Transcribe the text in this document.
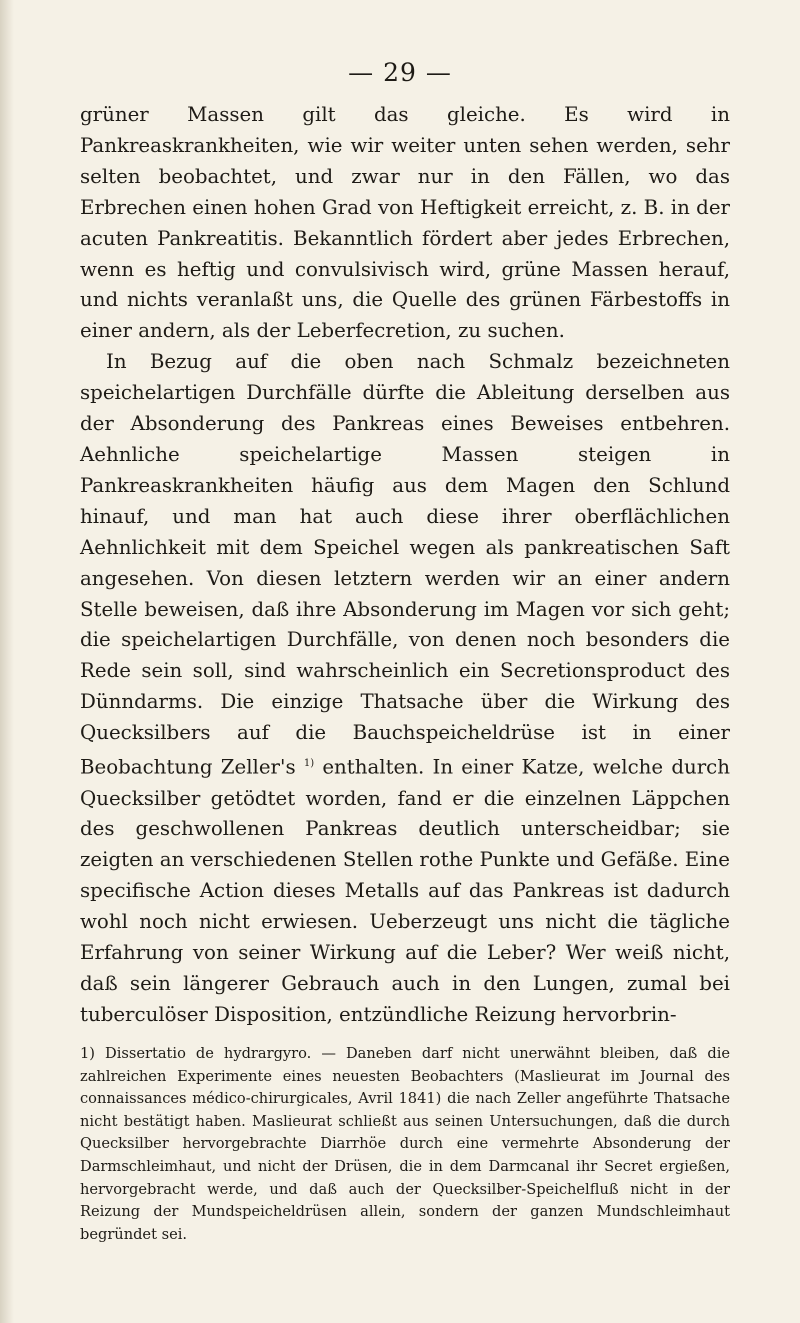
— 29 —

grüner Massen gilt das gleiche. Es wird in Pankreaskrankheiten, wie wir weiter unten sehen werden, sehr selten beobachtet, und zwar nur in den Fällen, wo das Erbrechen einen hohen Grad von Heftigkeit erreicht, z. B. in der acuten Pankreatitis. Bekanntlich fördert aber jedes Erbrechen, wenn es heftig und convulsivisch wird, grüne Massen herauf, und nichts veranlaßt uns, die Quelle des grünen Färbestoffs in einer andern, als der Leberfecretion, zu suchen.

In Bezug auf die oben nach Schmalz bezeichneten speichelartigen Durchfälle dürfte die Ableitung derselben aus der Absonderung des Pankreas eines Beweises entbehren. Aehnliche speichelartige Massen steigen in Pankreaskrankheiten häufig aus dem Magen den Schlund hinauf, und man hat auch diese ihrer oberflächlichen Aehnlichkeit mit dem Speichel wegen als pankreatischen Saft angesehen. Von diesen letztern werden wir an einer andern Stelle beweisen, daß ihre Absonderung im Magen vor sich geht; die speichelartigen Durchfälle, von denen noch besonders die Rede sein soll, sind wahrscheinlich ein Secretionsproduct des Dünndarms. Die einzige Thatsache über die Wirkung des Quecksilbers auf die Bauchspeicheldrüse ist in einer Beobachtung Zeller's $^{1)}$ enthalten. In einer Katze, welche durch Quecksilber getödtet worden, fand er die einzelnen Läppchen des geschwollenen Pankreas deutlich unterscheidbar; sie zeigten an verschiedenen Stellen rothe Punkte und Gefäße. Eine specifische Action dieses Metalls auf das Pankreas ist dadurch wohl noch nicht erwiesen. Ueberzeugt uns nicht die tägliche Erfahrung von seiner Wirkung auf die Leber? Wer weiß nicht, daß sein längerer Gebrauch auch in den Lungen, zumal bei tuberculöser Disposition, entzündliche Reizung hervorbrin-

1) Dissertatio de hydrargyro. — Daneben darf nicht unerwähnt bleiben, daß die zahlreichen Experimente eines neuesten Beobachters (Maslieurat im Journal des connaissances médico-chirurgicales, Avril 1841) die nach Zeller angeführte Thatsache nicht bestätigt haben. Maslieurat schließt aus seinen Untersuchungen, daß die durch Quecksilber hervorgebrachte Diarrhöe durch eine vermehrte Absonderung der Darmschleimhaut, und nicht der Drüsen, die in dem Darmcanal ihr Secret ergießen, hervorgebracht werde, und daß auch der Quecksilber-Speichelfluß nicht in der Reizung der Mundspeicheldrüsen allein, sondern der ganzen Mundschleimhaut begründet sei.
